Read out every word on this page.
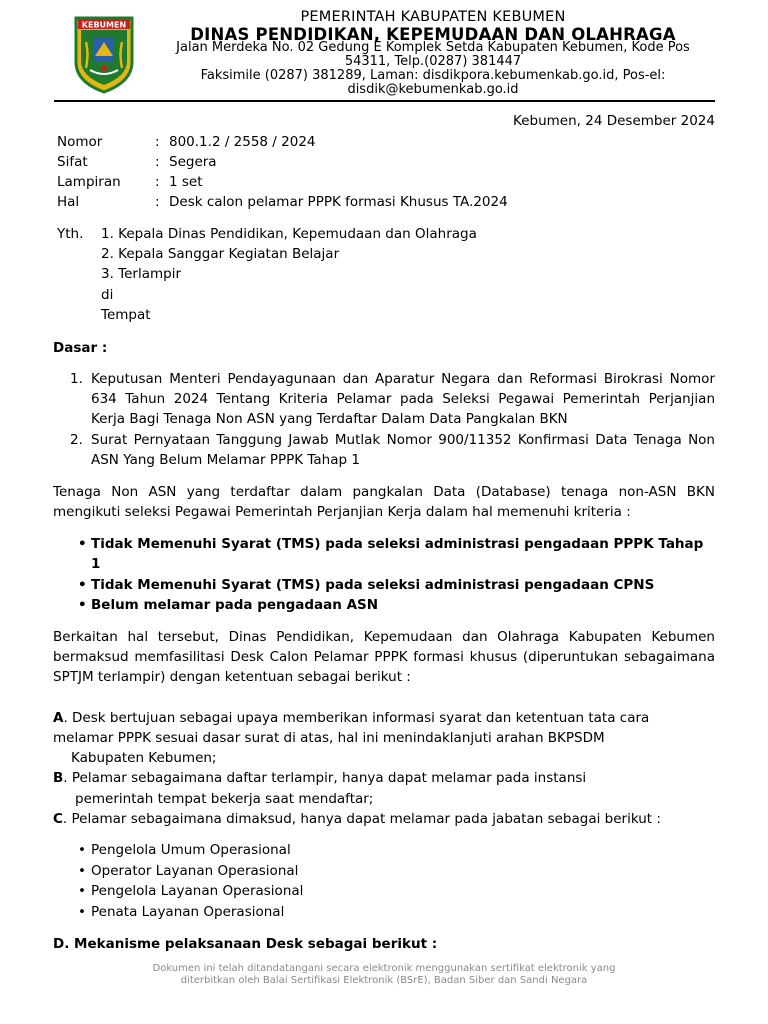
KEBUMEN	PEMERINTAH KABUPATEN KEBUMEN
DINAS PENDIDIKAN, KEPEMUDAAN DAN OLAHRAGA
Jalan Merdeka No. 02 Gedung E Komplek Setda Kabupaten Kebumen, Kode Pos
54311, Telp.(0287) 381447
Faksimile (0287) 381289, Laman: disdikpora.kebumenkab.go.id, Pos-el:
disdik@kebumenkab.go.id
Kebumen, 24 Desember 2024
Nomor	: 800.1.2 / 2558 / 2024
Sifat	: Segera
Lampiran	: 1 set
Hal	: Desk calon pelamar PPPK formasi Khusus TA.2024
Yth. 1. Kepala Dinas Pendidikan, Kepemudaan dan Olahraga
2. Kepala Sanggar Kegiatan Belajar
3. Terlampir
di
Tempat
Dasar :
1. Keputusan Menteri Pendayagunaan dan Aparatur Negara dan Reformasi Birokrasi Nomor
634 Tahun 2024 Tentang Kriteria Pelamar pada Seleksi Pegawai Pemerintah Perjanjian
Kerja Bagi Tenaga Non ASN yang Terdaftar Dalam Data Pangkalan BKN
2. Surat Pernyataan Tanggung Jawab Mutlak Nomor 900/11352 Konfirmasi Data Tenaga Non
ASN Yang Belum Melamar PPPK Tahap 1
Tenaga Non ASN yang terdaftar dalam pangkalan Data (Database) tenaga non-ASN BKN
mengikuti seleksi Pegawai Pemerintah Perjanjian Kerja dalam hal memenuhi kriteria :
• Tidak Memenuhi Syarat (TMS) pada seleksi administrasi pengadaan PPPK Tahap
1
• Tidak Memenuhi Syarat (TMS) pada seleksi administrasi pengadaan CPNS
• Belum melamar pada pengadaan ASN
Berkaitan hal tersebut, Dinas Pendidikan, Kepemudaan dan Olahraga Kabupaten Kebumen
bermaksud memfasilitasi Desk Calon Pelamar PPPK formasi khusus (diperuntukan sebagaimana
SPTJM terlampir) dengan ketentuan sebagai berikut :
A. Desk bertujuan sebagai upaya memberikan informasi syarat dan ketentuan tata cara
melamar PPPK sesuai dasar surat di atas, hal ini menindaklanjuti arahan BKPSDM
Kabupaten Kebumen;
B. Pelamar sebagaimana daftar terlampir, hanya dapat melamar pada instansi
pemerintah tempat bekerja saat mendaftar;
C. Pelamar sebagaimana dimaksud, hanya dapat melamar pada jabatan sebagai berikut :
• Pengelola Umum Operasional
• Operator Layanan Operasional
• Pengelola Layanan Operasional
• Penata Layanan Operasional
D. Mekanisme pelaksanaan Desk sebagai berikut :
Dokumen ini telah ditandatangani secara elektronik menggunakan sertifikat elektronik yang
diterbitkan oleh Balai Sertifikasi Elektronik (BSrE), Badan Siber dan Sandi Negara
